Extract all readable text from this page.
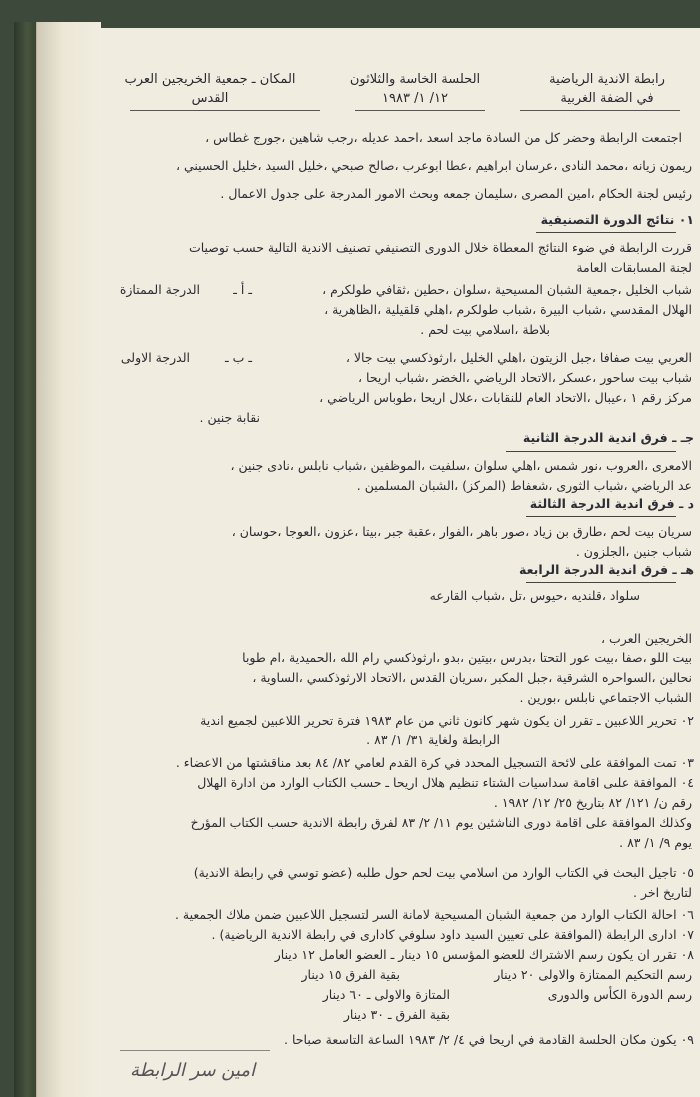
رابطة الاندية الرياضية
في الضفة الغربية
الحلسة الخاسة والثلاثون
١٢/ ١/ ١٩٨٣
المكان ـ جمعية الخريجين العرب
القدس
اجتمعت الرابطة وحضر كل من السادة ماجد اسعد ،احمد عديله ،رجب شاهين ،جورج غطاس ،
ريمون زيانه ،محمد النادى ،عرسان ابراهيم ،عطا ابوعرب ،صالح صبحي ،خليل السيد ،خليل الحسيني ،
رئيس لجنة الحكام ،امين المصرى ،سليمان جمعه وبحث الامور المدرجة على جدول الاعمال .
٠١ نتائج الدورة التصنيفية
قررت الرابطة في ضوء النتائج المعطاة خلال الدورى التصنيفي تصنيف الاندية التالية حسب توصيات
لجنة المسابقات العامة
الدرجة الممتازة	ـ أ ـ	شباب الخليل ،جمعية الشبان المسيحية ،سلوان ،حطين ،ثقافي طولكرم ،
الهلال المقدسي ،شباب البيرة ،شباب طولكرم ،اهلي قلقيلية ،الظاهرية ،
بلاطة ،اسلامي بيت لحم .
الدرجة الاولى	ـ ب ـ	العربي بيت صفافا ،جبل الزيتون ،اهلي الخليل ،ارثوذكسي بيت جالا ،
شباب بيت ساحور ،عسكر ،الاتحاد الرياضي ،الخضر ،شباب اريحا ،
مركز رقم ١ ،عيبال ،الاتحاد العام للنقابات ،علال اريحا ،طوباس الرياضي ،
نقابة جنين .
جـ ـ فرق اندية الدرجة الثانية
الامعرى ،العروب ،نور شمس ،اهلي سلوان ،سلفيت ،الموظفين ،شباب نابلس ،نادى جنين ،
عد الرياضي ،شباب الثورى ،شعفاط (المركز) ،الشبان المسلمين .
د ـ فرق اندية الدرجة الثالثة
سريان بيت لحم ،طارق بن زياد ،صور باهر ،الفوار ،عقبة جبر ،بيتا ،عزون ،العوجا ،حوسان ،
شباب جنين ،الجلزون .
هـ ـ فرق اندية الدرجة الرابعة
سلواد ،قلنديه ،حيوس ،تل ،شباب القارعه
الخريجين العرب ،
بيت اللو ،صفا ،بيت عور التحتا ،بدرس ،بيتين ،بدو ،ارثوذكسي رام الله ،الحميدية ،ام طوبا
نحالين ،السواحره الشرقية ،جبل المكبر ،سريان القدس ،الاتحاد الارثوذكسي ،الساوية ،
الشباب الاجتماعي نابلس ،بورين .
٠٢ تحرير اللاعبين ـ تقرر ان يكون شهر كانون ثاني من عام ١٩٨٣ فترة تحرير اللاعبين لجميع اندية
الرابطة ولغاية ٣١/ ١/ ٨٣ .
٠٣ تمت الموافقة على لائحة التسجيل المحدد في كرة القدم لعامي ٨٢/ ٨٤ بعد مناقشتها من الاعضاء .
٠٤ الموافقة علىى اقامة سداسيات الشتاء تنظيم هلال اريحا ـ حسب الكتاب الوارد من ادارة الهلال
رقم ن/ ١٢١/ ٨٢ بتاريخ ٢٥/ ١٢/ ١٩٨٢ .
وكذلك الموافقة على اقامة دورى الناشئين يوم ١١/ ٢/ ٨٣ لفرق رابطة الاندية حسب الكتاب المؤرخ
يوم ٩/ ١/ ٨٣ .
٠٥ تاجيل البحث في الكتاب الوارد من اسلامي بيت لحم حول طلبه (عضو توسي في رابطة الاندية)
لتاريخ اخر .
٠٦ احالة الكتاب الوارد من جمعية الشبان المسيحية لامانة السر لتسجيل اللاعبين ضمن ملاك الجمعية .
٠٧ ادارى الرابطة (الموافقة على تعيين السيد داود سلوفي كادارى في رابطة الاندية الرياضية) .
٠٨ تقرر ان يكون رسم الاشتراك للعضو المؤسس ١٥ دينار ـ العضو العامل ١٢ دينار
رسم التحكيم الممتازة والاولى ٢٠ دينار
بقية الفرق ١٥ دينار
رسم الدورة الكأس والدورى
المتازة والاولى ـ ٦٠ دينار
بقية الفرق ـ ٣٠ دينار
٠٩ يكون مكان الحلسة القادمة في اريحا في ٤/ ٢/ ١٩٨٣ الساعة التاسعة صباحا .
امين سر الرابطة
